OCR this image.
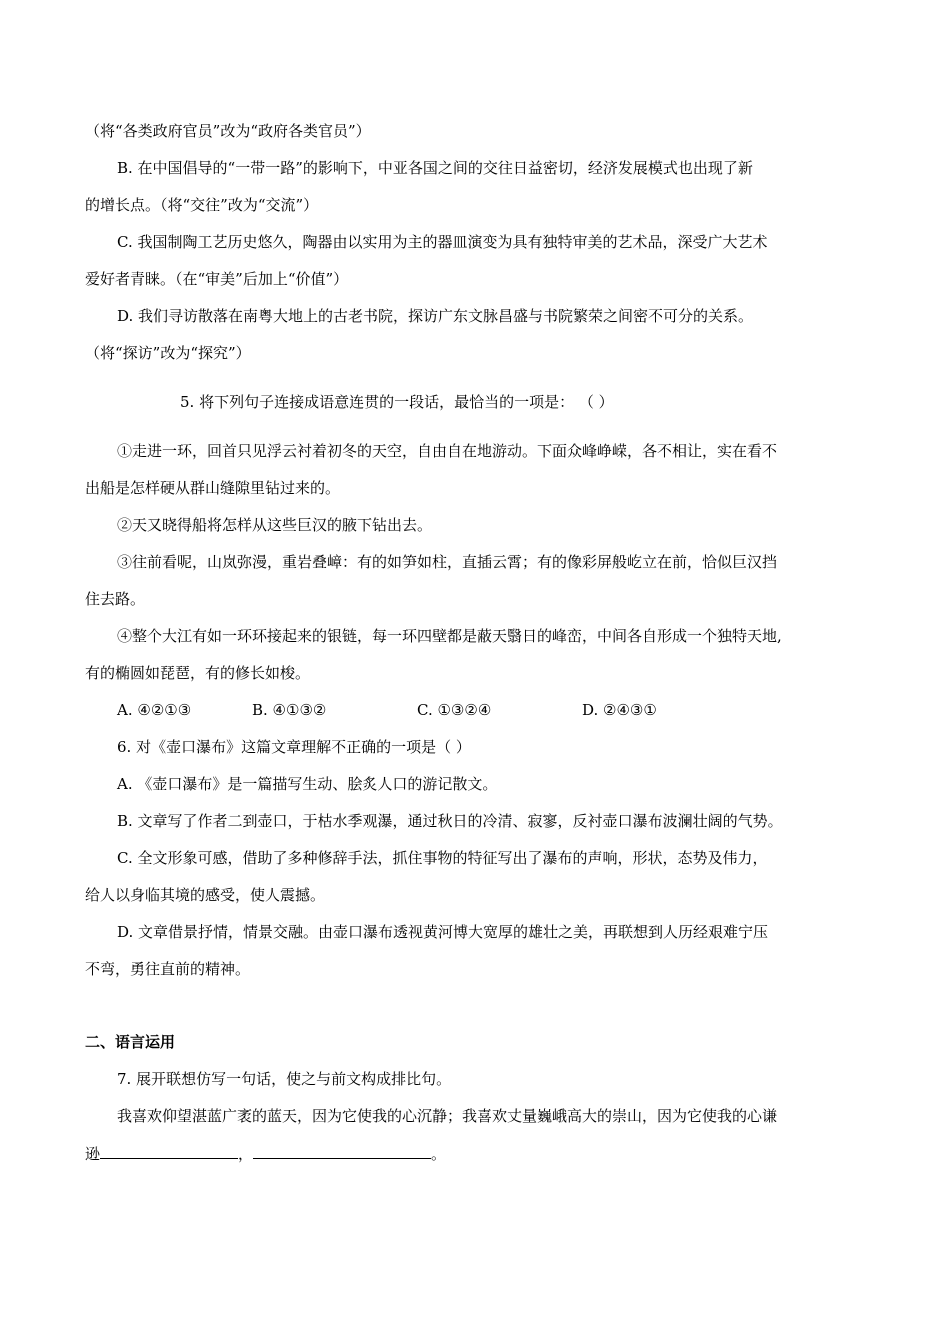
（将“各类政府官员”改为“政府各类官员”）
B. 在中国倡导的“一带一路”的影响下，中亚各国之间的交往日益密切，经济发展模式也出现了新
的增长点。（将“交往”改为“交流”）
C. 我国制陶工艺历史悠久，陶器由以实用为主的器皿演变为具有独特审美的艺术品，深受广大艺术
爱好者青睐。（在“审美”后加上“价值”）
D. 我们寻访散落在南粤大地上的古老书院，探访广东文脉昌盛与书院繁荣之间密不可分的关系。
（将“探访”改为“探究”）
5. 将下列句子连接成语意连贯的一段话，最恰当的一项是： （ ）
①走进一环，回首只见浮云衬着初冬的天空，自由自在地游动。下面众峰峥嵘，各不相让，实在看不
出船是怎样硬从群山缝隙里钻过来的。
②天又晓得船将怎样从这些巨汉的腋下钻出去。
③往前看呢，山岚弥漫，重岩叠嶂：有的如笋如柱，直插云霄；有的像彩屏般屹立在前，恰似巨汉挡
住去路。
④整个大江有如一环环接起来的银链，每一环四壁都是蔽天翳日的峰峦，中间各自形成一个独特天地,
有的椭圆如琵琶，有的修长如梭。
A. ④②①③	B. ④①③②	C. ①③②④	D. ②④③①
6. 对《壶口瀑布》这篇文章理解不正确的一项是（ ）
A. 《壶口瀑布》是一篇描写生动、脍炙人口的游记散文。
B. 文章写了作者二到壶口，于枯水季观瀑，通过秋日的冷清、寂寥，反衬壶口瀑布波澜壮阔的气势。
C. 全文形象可感，借助了多种修辞手法，抓住事物的特征写出了瀑布的声响，形状，态势及伟力，
给人以身临其境的感受，使人震撼。
D. 文章借景抒情，情景交融。由壶口瀑布透视黄河博大宽厚的雄壮之美，再联想到人历经艰难宁压
不弯，勇往直前的精神。
二、语言运用
7. 展开联想仿写一句话，使之与前文构成排比句。
我喜欢仰望湛蓝广袤的蓝天，因为它使我的心沉静；我喜欢丈量巍峨高大的崇山，因为它使我的心谦
逊	，	。
